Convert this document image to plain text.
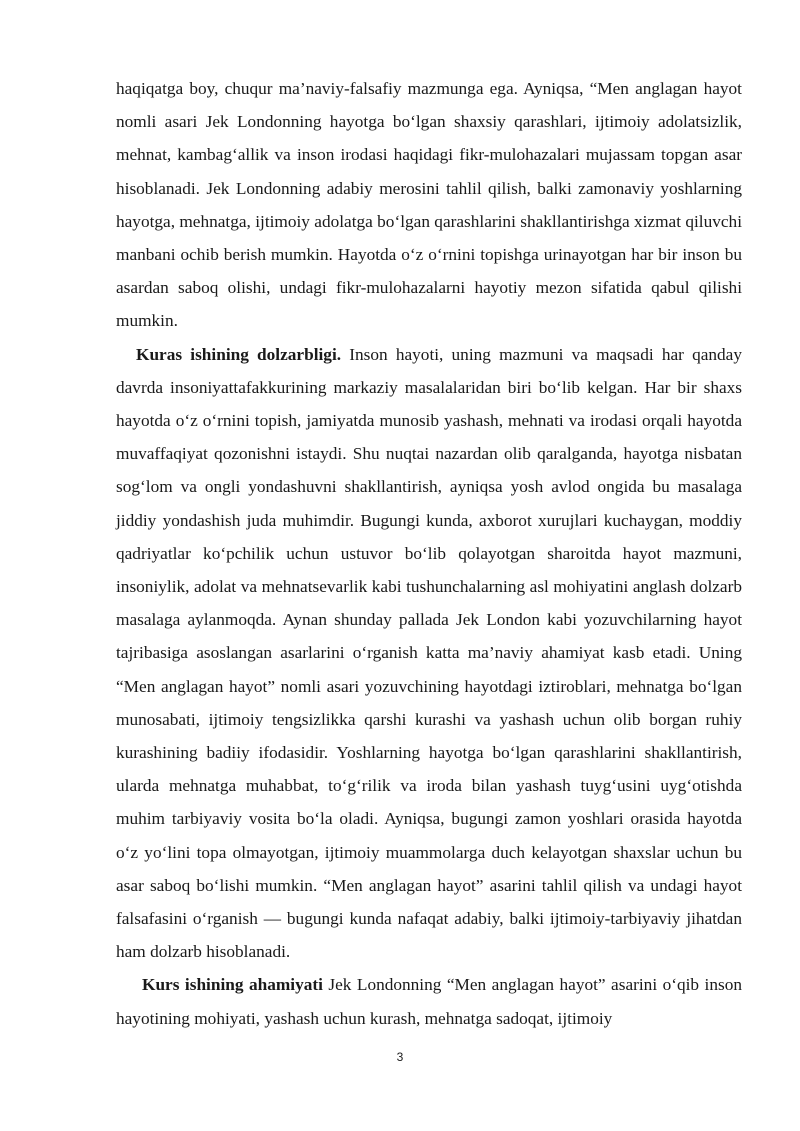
haqiqatga boy, chuqur ma’naviy-falsafiy mazmunga ega. Ayniqsa, “Men anglagan hayot nomli asari Jek Londonning hayotga bo‘lgan shaxsiy qarashlari, ijtimoiy adolatsizlik, mehnat, kambag‘allik va inson irodasi haqidagi fikr-mulohazalari mujassam topgan asar hisoblanadi. Jek Londonning adabiy merosini tahlil qilish, balki zamonaviy yoshlarning hayotga, mehnatga, ijtimoiy adolatga bo‘lgan qarashlarini shakllantirishga xizmat qiluvchi manbani ochib berish mumkin. Hayotda o‘z o‘rnini topishga urinayotgan har bir inson bu asardan saboq olishi, undagi fikr-mulohazalarni hayotiy mezon sifatida qabul qilishi mumkin.

Kuras ishining dolzarbligi. Inson hayoti, uning mazmuni va maqsadi har qanday davrda insoniyattafakkurining markaziy masalalaridan biri bo‘lib kelgan. Har bir shaxs hayotda o‘z o‘rnini topish, jamiyatda munosib yashash, mehnati va irodasi orqali hayotda muvaffaqiyat qozonishni istaydi. Shu nuqtai nazardan olib qaralganda, hayotga nisbatan sog‘lom va ongli yondashuvni shakllantirish, ayniqsa yosh avlod ongida bu masalaga jiddiy yondashish juda muhimdir. Bugungi kunda, axborot xurujlari kuchaygan, moddiy qadriyatlar ko‘pchilik uchun ustuvor bo‘lib qolayotgan sharoitda hayot mazmuni, insoniylik, adolat va mehnatsevarlik kabi tushunchalarning asl mohiyatini anglash dolzarb masalaga aylanmoqda. Aynan shunday pallada Jek London kabi yozuvchilarning hayot tajribasiga asoslangan asarlarini o‘rganish katta ma’naviy ahamiyat kasb etadi. Uning “Men anglagan hayot” nomli asari yozuvchining hayotdagi iztiroblari, mehnatga bo‘lgan munosabati, ijtimoiy tengsizlikka qarshi kurashi va yashash uchun olib borgan ruhiy kurashining badiiy ifodasidir. Yoshlarning hayotga bo‘lgan qarashlarini shakllantirish, ularda mehnatga muhabbat, to‘g‘rilik va iroda bilan yashash tuyg‘usini uyg‘otishda muhim tarbiyaviy vosita bo‘la oladi. Ayniqsa, bugungi zamon yoshlari orasida hayotda o‘z yo‘lini topa olmayotgan, ijtimoiy muammolarga duch kelayotgan shaxslar uchun bu asar saboq bo‘lishi mumkin. “Men anglagan hayot” asarini tahlil qilish va undagi hayot falsafasini o‘rganish — bugungi kunda nafaqat adabiy, balki ijtimoiy-tarbiyaviy jihatdan ham dolzarb hisoblanadi.

Kurs ishining ahamiyati Jek Londonning “Men anglagan hayot” asarini o‘qib inson hayotining mohiyati, yashash uchun kurash, mehnatga sadoqat, ijtimoiy

3
